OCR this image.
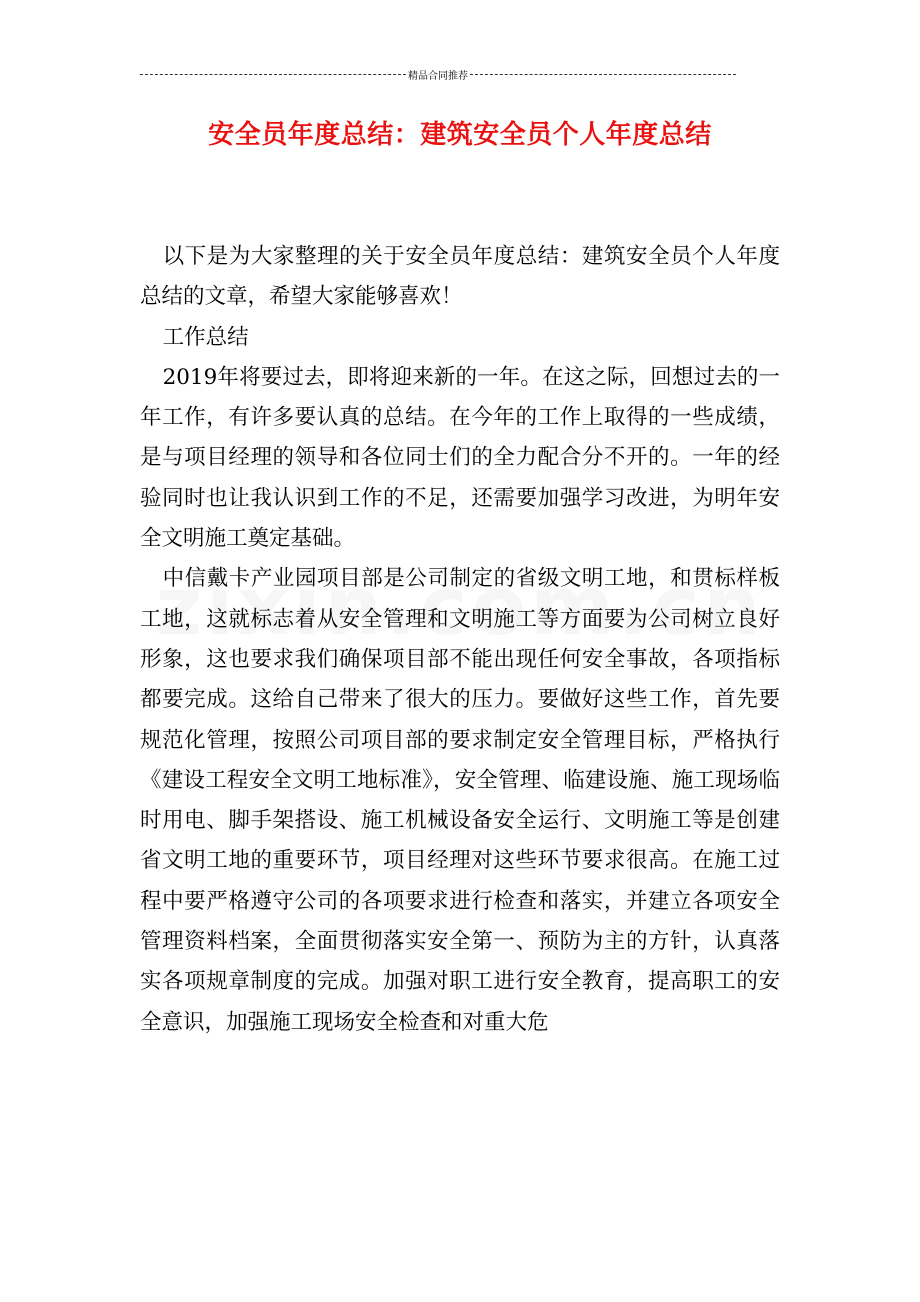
精品合同推荐
安全员年度总结：建筑安全员个人年度总结

以下是为大家整理的关于安全员年度总结：建筑安全员个人年度总结的文章，希望大家能够喜欢！

工作总结

2019年将要过去，即将迎来新的一年。在这之际，回想过去的一年工作，有许多要认真的总结。在今年的工作上取得的一些成绩，是与项目经理的领导和各位同士们的全力配合分不开的。一年的经验同时也让我认识到工作的不足，还需要加强学习改进，为明年安全文明施工奠定基础。

中信戴卡产业园项目部是公司制定的省级文明工地，和贯标样板工地，这就标志着从安全管理和文明施工等方面要为公司树立良好形象，这也要求我们确保项目部不能出现任何安全事故，各项指标都要完成。这给自己带来了很大的压力。要做好这些工作，首先要规范化管理，按照公司项目部的要求制定安全管理目标，严格执行《建设工程安全文明工地标准》，安全管理、临建设施、施工现场临时用电、脚手架搭设、施工机械设备安全运行、文明施工等是创建省文明工地的重要环节，项目经理对这些环节要求很高。在施工过程中要严格遵守公司的各项要求进行检查和落实，并建立各项安全管理资料档案，全面贯彻落实安全第一、预防为主的方针，认真落实各项规章制度的完成。加强对职工进行安全教育，提高职工的安全意识，加强施工现场安全检查和对重大危
